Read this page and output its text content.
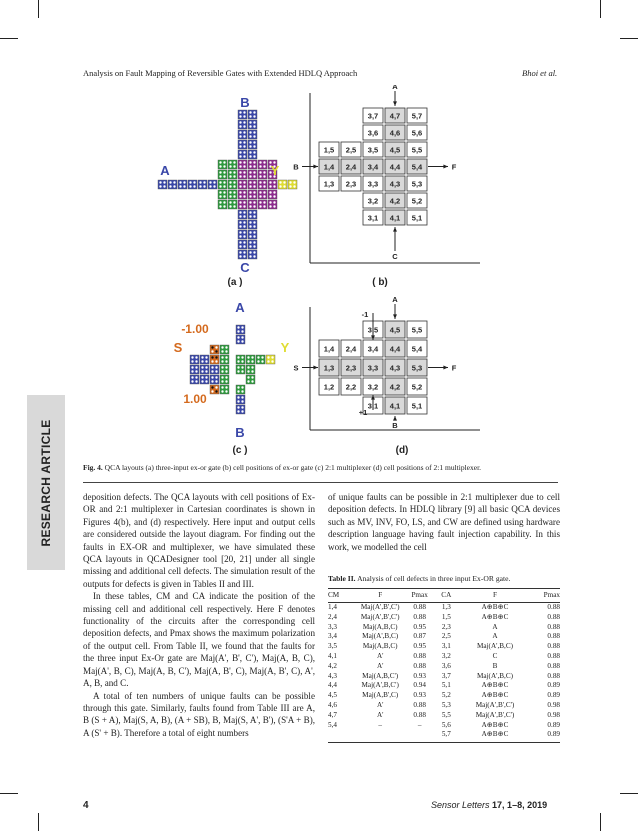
Analysis on Fault Mapping of Reversible Gates with Extended HDLQ Approach	Bhoi et al.
RESEARCH ARTICLE
B
A	Y
C
(a )
3,7 4,7 5,7
3,6 4,6 5,6
1,5 2,5 3,5 4,5 5,5
1,4 2,4 3,4 4,4 5,4
1,3 2,3 3,3 4,3 5,3
3,2 4,2 5,2
3,1 4,1 5,1
A
B	F
C
( b)
A
-1.00
S	Y
1.00
B
(c )
3,5 4,5 5,5
1,4 2,4 3,4 4,4 5,4
1,3 2,3 3,3 4,3 5,3
1,2 2,2 3,2 4,2 5,2
3,1 4,1 5,1
A
S	F
B
-1
+1
(d)
Fig. 4. QCA layouts (a) three-input ex-or gate (b) cell positions of ex-or gate (c) 2:1 multiplexer (d) cell positions of 2:1 multiplexer.

deposition defects. The QCA layouts with cell positions of Ex-OR and 2:1 multiplexer in Cartesian coordinates is shown in Figures 4(b), and (d) respectively. Here input and output cells are considered outside the layout diagram. For finding out the faults in EX-OR and multiplexer, we have simulated these QCA layouts in QCADesigner tool [20, 21] under all single missing and additional cell defects. The simulation result of the outputs for defects is given in Tables II and III.

In these tables, CM and CA indicate the position of the missing cell and additional cell respectively. Here F denotes functionality of the circuits after the corresponding cell deposition defects, and Pmax shows the maximum polarization of the output cell. From Table II, we found that the faults for the three input Ex-Or gate are Maj(A', B', C'), Maj(A, B, C), Maj(A', B, C), Maj(A, B, C'), Maj(A, B', C), Maj(A, B', C), A', A, B, and C.

A total of ten numbers of unique faults can be possible through this gate. Similarly, faults found from Table III are A, B (S + A), Maj(S, A, B), (A + SB), B, Maj(S, A', B'), (S'A + B), A (S' + B). Therefore a total of eight numbers

of unique faults can be possible in 2:1 multiplexer due to cell deposition defects. In HDLQ library [9] all basic QCA devices such as MV, INV, FO, LS, and CW are defined using hardware description language having fault injection capability. In this work, we modelled the cell

Table II. Analysis of cell defects in three input Ex-OR gate.
CM	F	Pmax	CA	F	Pmax
1,4	Maj(A',B',C')	0.88	1,3	A⊕B⊕C	0.88
2,4	Maj(A',B',C')	0.88	1,5	A⊕B⊕C	0.88
3,3	Maj(A,B,C)	0.95	2,3	A	0.88
3,4	Maj(A',B,C)	0.87	2,5	A	0.88
3,5	Maj(A,B,C)	0.95	3,1	Maj(A',B,C)	0.88
4,1	A'	0.88	3,2	C	0.88
4,2	A'	0.88	3,6	B	0.88
4,3	Maj(A,B,C')	0.93	3,7	Maj(A',B,C)	0.88
4,4	Maj(A',B,C')	0.94	5,1	A⊕B⊕C	0.89
4,5	Maj(A,B',C)	0.93	5,2	A⊕B⊕C	0.89
4,6	A'	0.88	5,3	Maj(A',B',C')	0.98
4,7	A'	0.88	5,5	Maj(A',B',C')	0.98
5,4	–	–	5,6	A⊕B⊕C	0.89
			5,7	A⊕B⊕C	0.89
4	Sensor Letters 17, 1–8, 2019
